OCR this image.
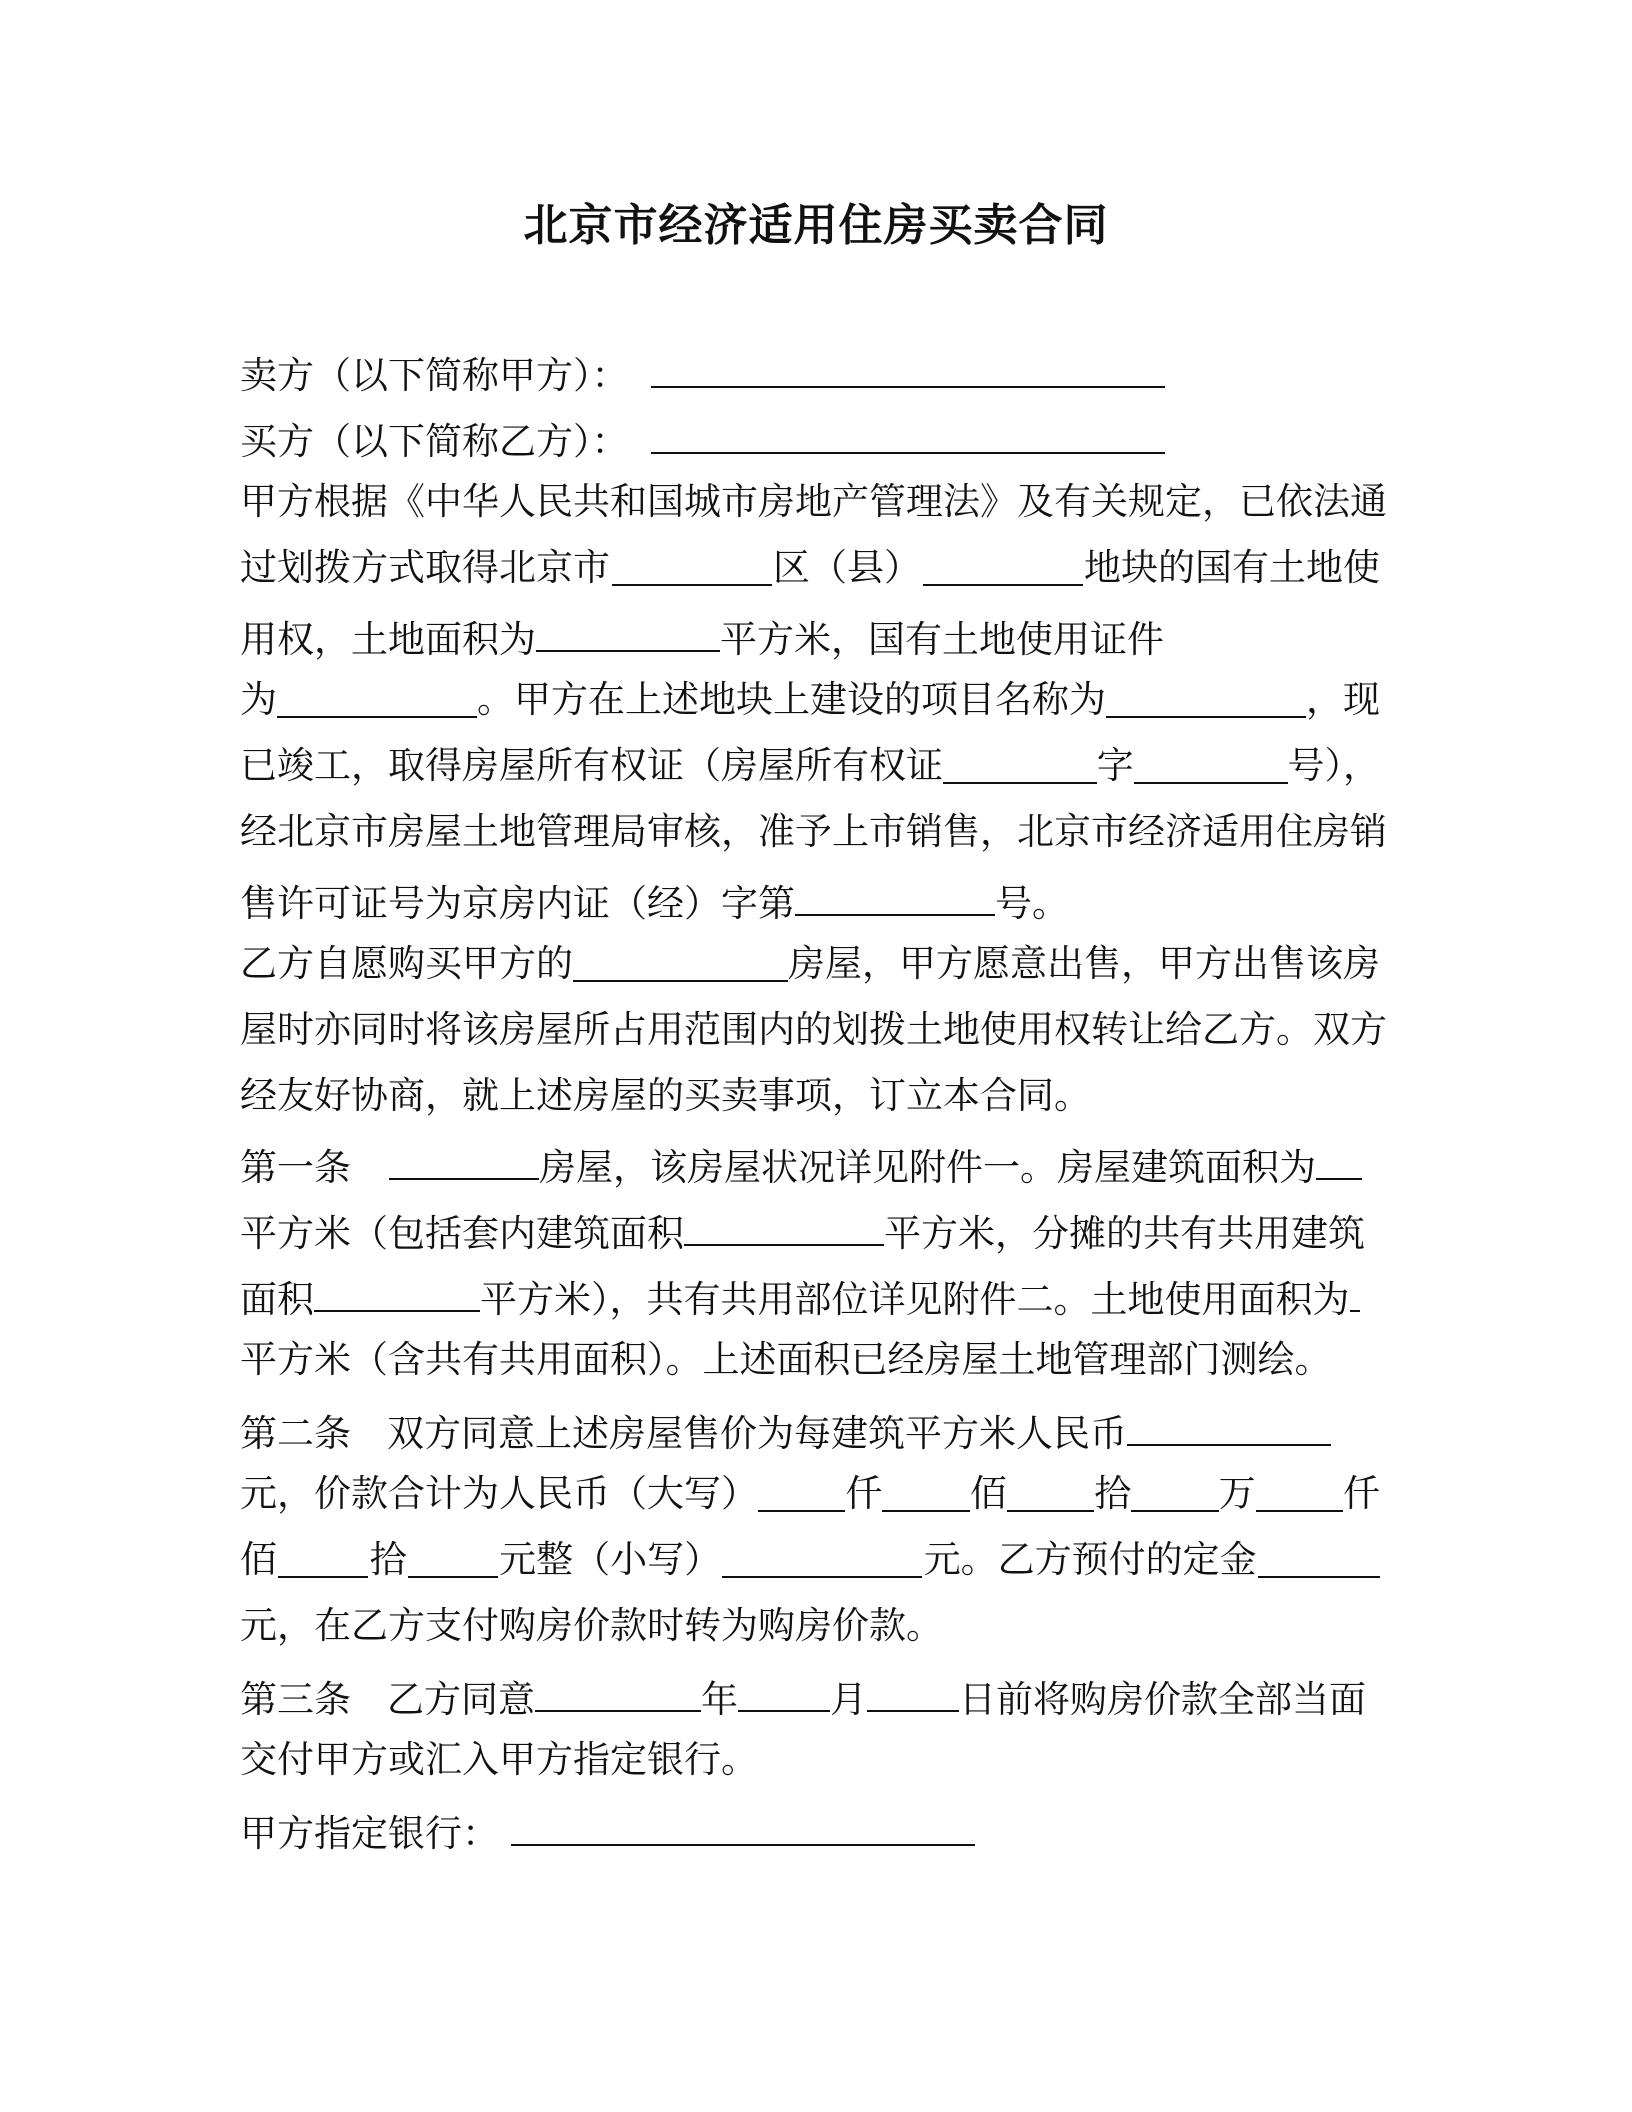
北京市经济适用住房买卖合同
卖方（以下简称甲方）：
买方（以下简称乙方）：
甲方根据《中华人民共和国城市房地产管理法》及有关规定，已依法通
过划拨方式取得北京市	区（县）	地块的国有土地使
用权，土地面积为	平方米，国有土地使用证件
为	。甲方在上述地块上建设的项目名称为	，现
已竣工，取得房屋所有权证（房屋所有权证	字	号），
经北京市房屋土地管理局审核，准予上市销售，北京市经济适用住房销
售许可证号为京房内证（经）字第	号。
乙方自愿购买甲方的	房屋，甲方愿意出售，甲方出售该房
屋时亦同时将该房屋所占用范围内的划拨土地使用权转让给乙方。双方
经友好协商，就上述房屋的买卖事项，订立本合同。
第一条	房屋，该房屋状况详见附件一。房屋建筑面积为
平方米（包括套内建筑面积	平方米，分摊的共有共用建筑
面积	平方米），共有共用部位详见附件二。土地使用面积为
平方米（含共有共用面积）。上述面积已经房屋土地管理部门测绘。
第二条 双方同意上述房屋售价为每建筑平方米人民币
元，价款合计为人民币（大写） 仟 佰 拾 万 仟
佰	拾	元整（小写）	元。乙方预付的定金
元，在乙方支付购房价款时转为购房价款。
第三条 乙方同意	年 月 日前将购房价款全部当面
交付甲方或汇入甲方指定银行。
甲方指定银行：
